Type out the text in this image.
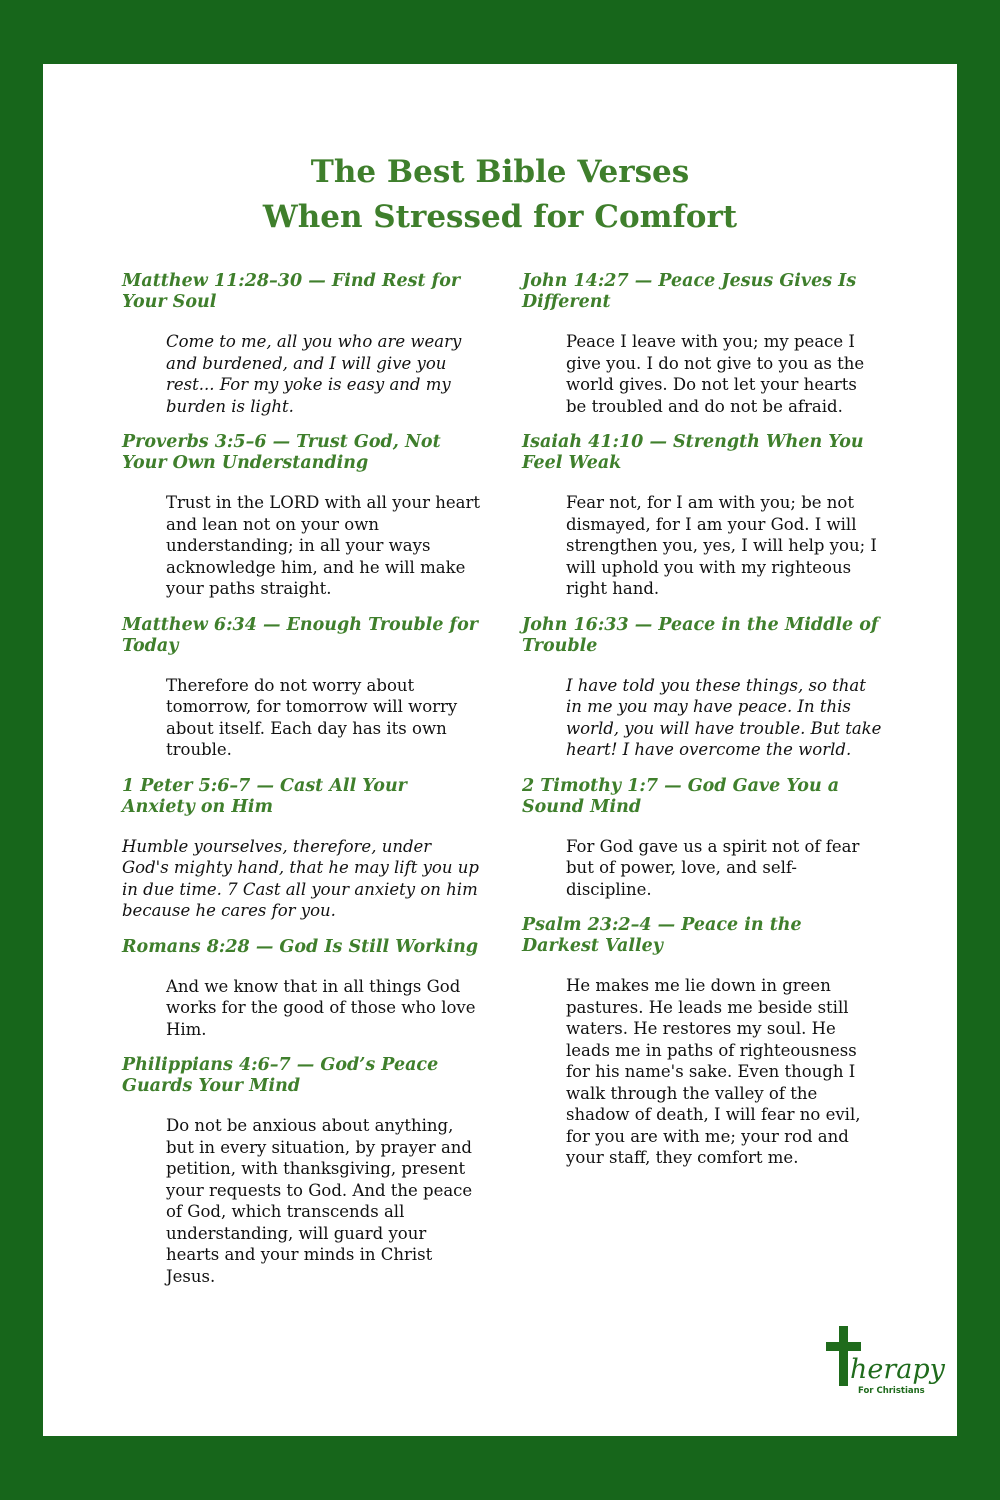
The Best Bible Verses
When Stressed for Comfort

Matthew 11:28–30 — Find Rest for Your Soul

Come to me, all you who are weary and burdened, and I will give you rest... For my yoke is easy and my burden is light.

Proverbs 3:5–6 — Trust God, Not Your Own Understanding

Trust in the LORD with all your heart and lean not on your own understanding; in all your ways acknowledge him, and he will make your paths straight.

Matthew 6:34 — Enough Trouble for Today

Therefore do not worry about tomorrow, for tomorrow will worry about itself. Each day has its own trouble.

1 Peter 5:6–7 — Cast All Your Anxiety on Him

Humble yourselves, therefore, under God's mighty hand, that he may lift you up in due time. 7 Cast all your anxiety on him because he cares for you.

Romans 8:28 — God Is Still Working

And we know that in all things God works for the good of those who love Him.

Philippians 4:6–7 — God’s Peace Guards Your Mind

Do not be anxious about anything, but in every situation, by prayer and petition, with thanksgiving, present your requests to God. And the peace of God, which transcends all understanding, will guard your hearts and your minds in Christ Jesus.

John 14:27 — Peace Jesus Gives Is Different

Peace I leave with you; my peace I give you. I do not give to you as the world gives. Do not let your hearts be troubled and do not be afraid.

Isaiah 41:10 — Strength When You Feel Weak

Fear not, for I am with you; be not dismayed, for I am your God. I will strengthen you, yes, I will help you; I will uphold you with my righteous right hand.

John 16:33 — Peace in the Middle of Trouble

I have told you these things, so that in me you may have peace. In this world, you will have trouble. But take heart! I have overcome the world.

2 Timothy 1:7 — God Gave You a Sound Mind

For God gave us a spirit not of fear but of power, love, and self-discipline.

Psalm 23:2–4 — Peace in the Darkest Valley

He makes me lie down in green pastures. He leads me beside still waters. He restores my soul. He leads me in paths of righteousness for his name's sake. Even though I walk through the valley of the shadow of death, I will fear no evil, for you are with me; your rod and your staff, they comfort me.

herapy
For Christians
